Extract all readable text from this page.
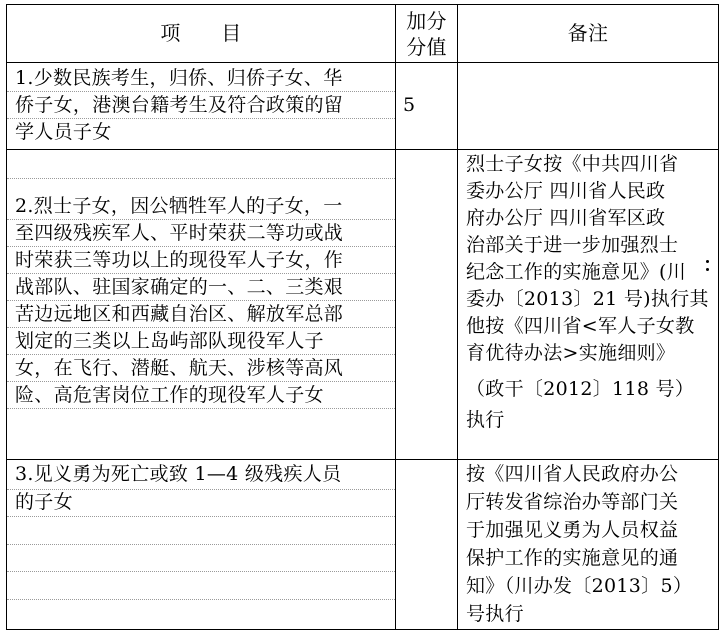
项　　目	加分
分值
备注
1.少数民族考生，归侨、归侨子女、华
侨子女，港澳台籍考生及符合政策的留
学人员子女
5
2.烈士子女，因公牺牲军人的子女，一
至四级残疾军人、平时荣获二等功或战
时荣获三等功以上的现役军人子女，作
战部队、驻国家确定的一、二、三类艰
苦边远地区和西藏自治区、解放军总部
划定的三类以上岛屿部队现役军人子
女，在飞行、潜艇、航天、涉核等高风
险、高危害岗位工作的现役军人子女
烈士子女按《中共四川省
委办公厅 四川省人民政
府办公厅 四川省军区政
治部关于进一步加强烈士
纪念工作的实施意见》(川
委办〔2013〕21 号)执行其
他按《四川省<军人子女教
育优待办法>实施细则》
（政干〔2012〕118 号）
执行
3.见义勇为死亡或致 1—4 级残疾人员
的子女
按《四川省人民政府办公
厅转发省综治办等部门关
于加强见义勇为人员权益
保护工作的实施意见的通
知》（川办发〔2013〕5）
号执行
